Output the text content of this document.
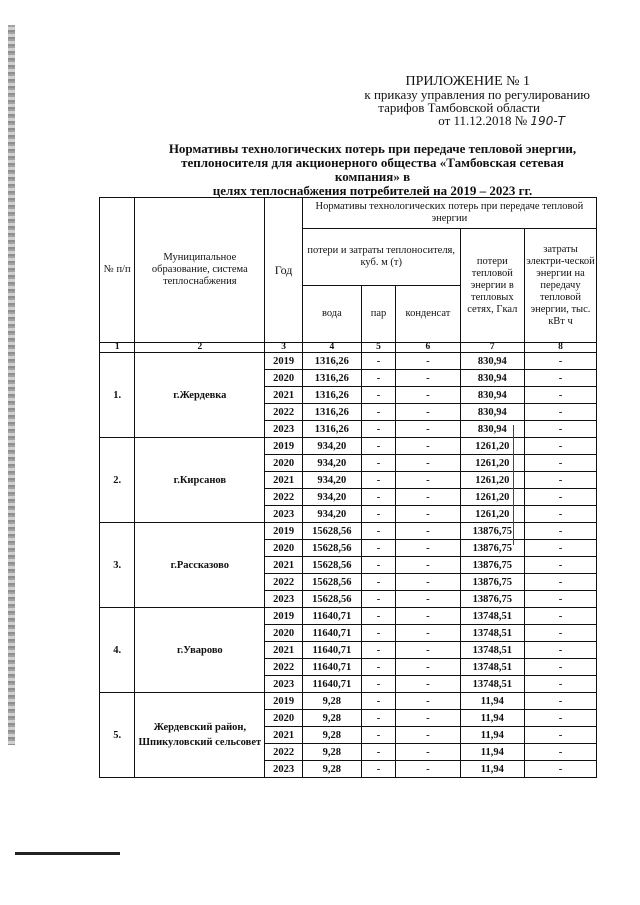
ПРИЛОЖЕНИЕ № 1
к приказу управления по регулированию
тарифов Тамбовской области
от 11.12.2018 № 190-Т
Нормативы технологических потерь при передаче тепловой энергии,
теплоносителя для акционерного общества «Тамбовская сетевая компания» в
целях теплоснабжения потребителей на 2019 – 2023 гг.
№ п/п	Муниципальное образование, система теплоснабжения	Год	Нормативы технологических потерь при передаче тепловой энергии				
			потери и затраты теплоносителя, куб. м (т)			потери тепловой энергии в тепловых сетях, Гкал	затраты электри-ческой энергии на передачу тепловой энергии, тыс. кВт ч
			вода	пар	конденсат		
1	2	3	4	5	6	7	8
1.	г.Жердевка	2019	1316,26	-	-	830,94	-
		2020	1316,26	-	-	830,94	-
		2021	1316,26	-	-	830,94	-
		2022	1316,26	-	-	830,94	-
		2023	1316,26	-	-	830,94	-
2.	г.Кирсанов	2019	934,20	-	-	1261,20	-
		2020	934,20	-	-	1261,20	-
		2021	934,20	-	-	1261,20	-
		2022	934,20	-	-	1261,20	-
		2023	934,20	-	-	1261,20	-
3.	г.Рассказово	2019	15628,56	-	-	13876,75	-
		2020	15628,56	-	-	13876,75	-
		2021	15628,56	-	-	13876,75	-
		2022	15628,56	-	-	13876,75	-
		2023	15628,56	-	-	13876,75	-
4.	г.Уварово	2019	11640,71	-	-	13748,51	-
		2020	11640,71	-	-	13748,51	-
		2021	11640,71	-	-	13748,51	-
		2022	11640,71	-	-	13748,51	-
		2023	11640,71	-	-	13748,51	-
5.	Жердевский район, Шпикуловский сельсовет	2019	9,28	-	-	11,94	-
		2020	9,28	-	-	11,94	-
		2021	9,28	-	-	11,94	-
		2022	9,28	-	-	11,94	-
		2023	9,28	-	-	11,94	-
